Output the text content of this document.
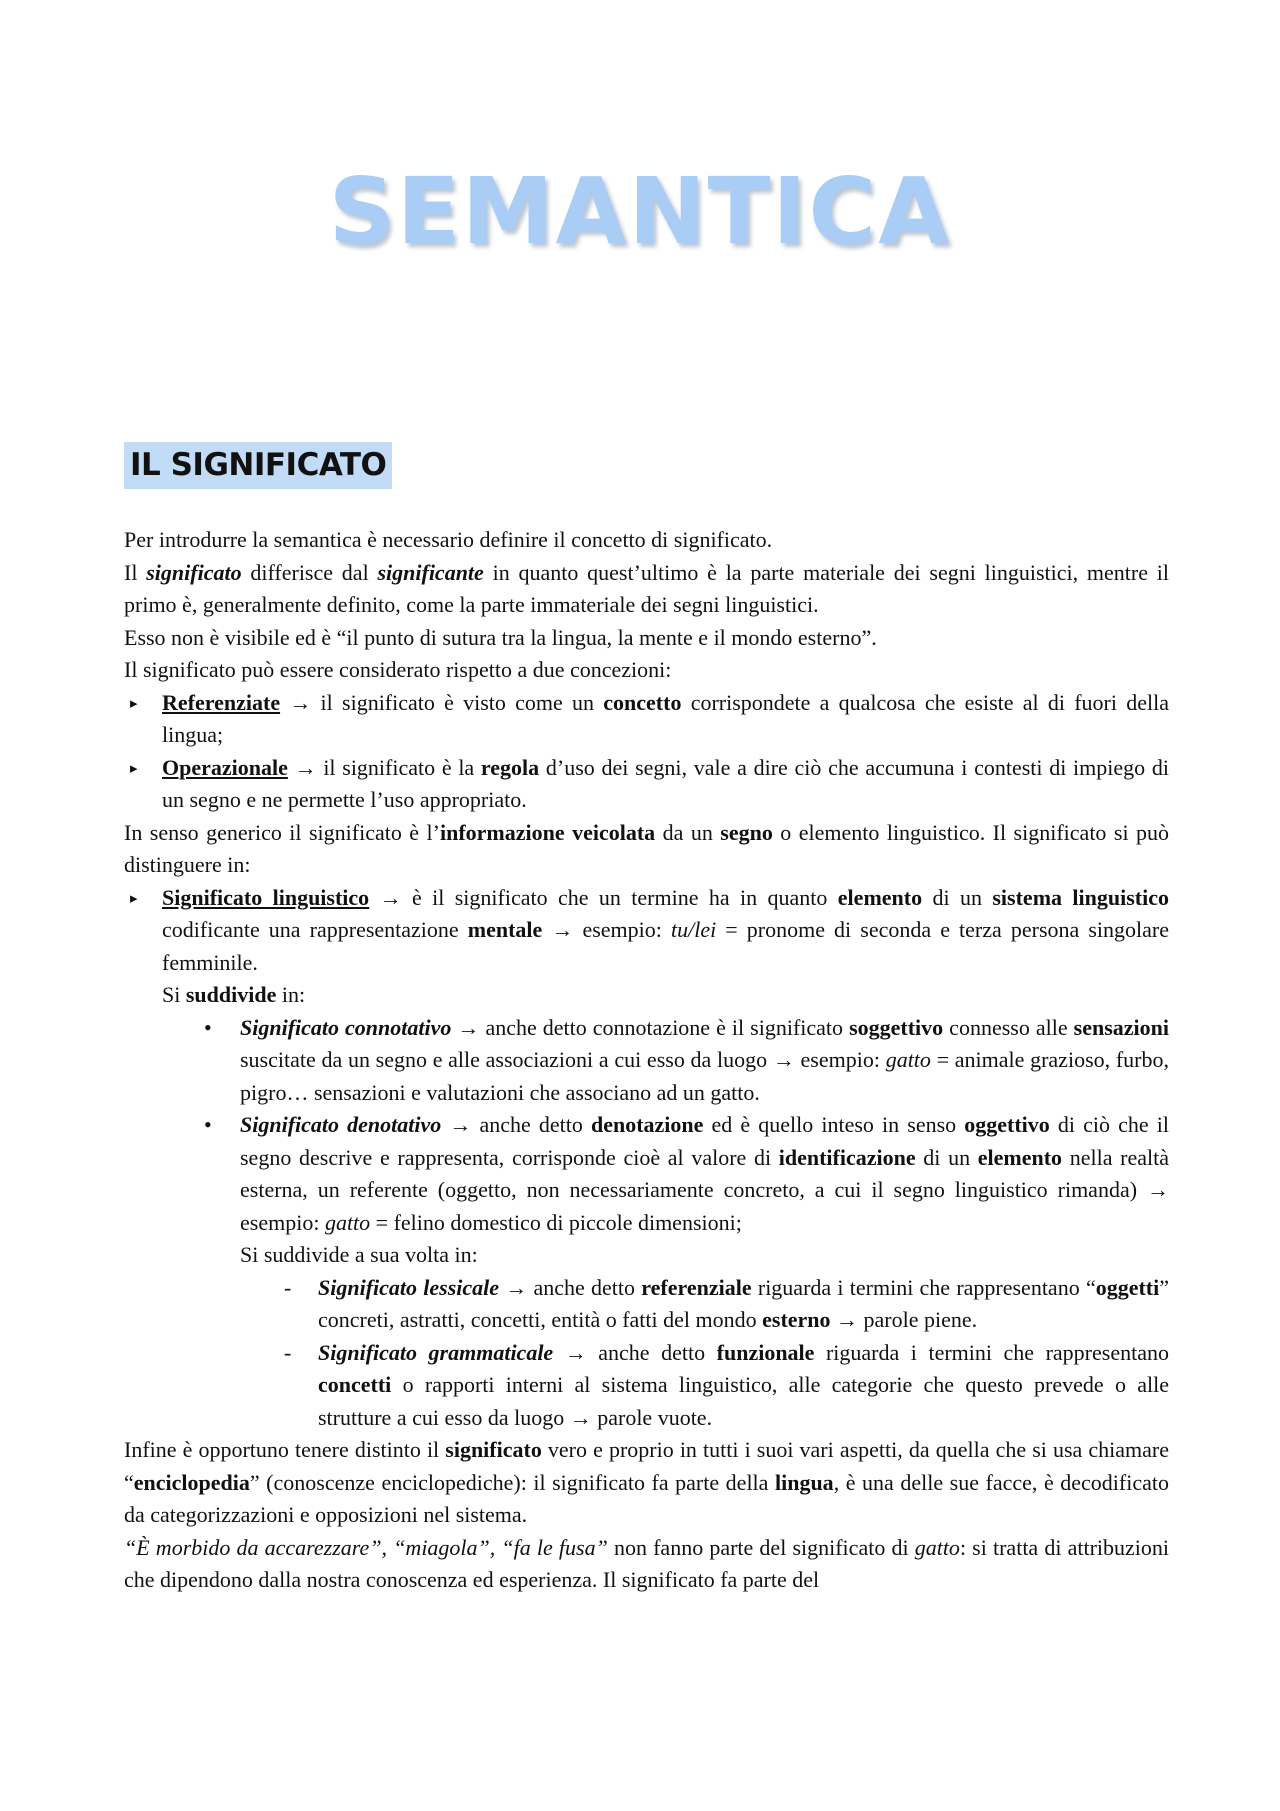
SEMANTICA
IL SIGNIFICATO

Per introdurre la semantica è necessario definire il concetto di significato.

Il significato differisce dal significante in quanto quest’ultimo è la parte materiale dei segni linguistici, mentre il primo è, generalmente definito, come la parte immateriale dei segni linguistici.

Esso non è visibile ed è “il punto di sutura tra la lingua, la mente e il mondo esterno”.

Il significato può essere considerato rispetto a due concezioni:

▸ Referenziate → il significato è visto come un concetto corrispondete a qualcosa che esiste al di fuori della lingua;
▸ Operazionale → il significato è la regola d’uso dei segni, vale a dire ciò che accumuna i contesti di impiego di un segno e ne permette l’uso appropriato.

In senso generico il significato è l’informazione veicolata da un segno o elemento linguistico. Il significato si può distinguere in:

▸ Significato linguistico → è il significato che un termine ha in quanto elemento di un sistema linguistico codificante una rappresentazione mentale → esempio: tu/lei = pronome di seconda e terza persona singolare femminile.
Si suddivide in:
• Significato connotativo → anche detto connotazione è il significato soggettivo connesso alle sensazioni suscitate da un segno e alle associazioni a cui esso da luogo → esempio: gatto = animale grazioso, furbo, pigro… sensazioni e valutazioni che associano ad un gatto.
• Significato denotativo → anche detto denotazione ed è quello inteso in senso oggettivo di ciò che il segno descrive e rappresenta, corrisponde cioè al valore di identificazione di un elemento nella realtà esterna, un referente (oggetto, non necessariamente concreto, a cui il segno linguistico rimanda) → esempio: gatto = felino domestico di piccole dimensioni;
Si suddivide a sua volta in:
- Significato lessicale → anche detto referenziale riguarda i termini che rappresentano “oggetti” concreti, astratti, concetti, entità o fatti del mondo esterno → parole piene.
- Significato grammaticale → anche detto funzionale riguarda i termini che rappresentano concetti o rapporti interni al sistema linguistico, alle categorie che questo prevede o alle strutture a cui esso da luogo → parole vuote.

Infine è opportuno tenere distinto il significato vero e proprio in tutti i suoi vari aspetti, da quella che si usa chiamare “enciclopedia” (conoscenze enciclopediche): il significato fa parte della lingua, è una delle sue facce, è decodificato da categorizzazioni e opposizioni nel sistema.

“È morbido da accarezzare”, “miagola”, “fa le fusa” non fanno parte del significato di gatto: si tratta di attribuzioni che dipendono dalla nostra conoscenza ed esperienza. Il significato fa parte del
